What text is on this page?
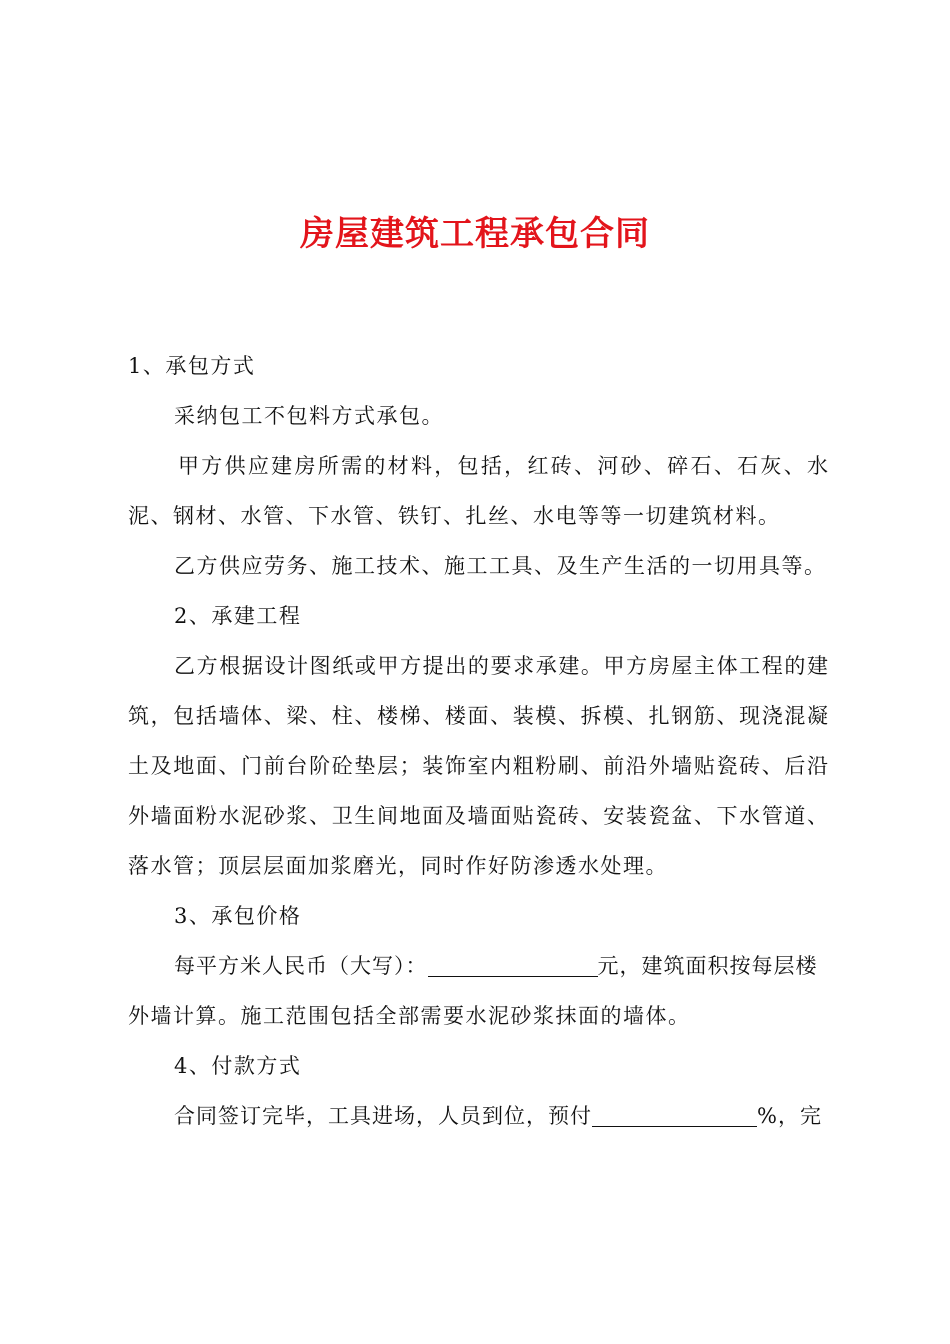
房屋建筑工程承包合同
1、承包方式
采纳包工不包料方式承包。
甲方供应建房所需的材料，包括，红砖、河砂、碎石、石灰、水
泥、钢材、水管、下水管、铁钉、扎丝、水电等等一切建筑材料。
乙方供应劳务、施工技术、施工工具、及生产生活的一切用具等。
2、承建工程
乙方根据设计图纸或甲方提出的要求承建。甲方房屋主体工程的建
筑，包括墙体、梁、柱、楼梯、楼面、装模、拆模、扎钢筋、现浇混凝
土及地面、门前台阶砼垫层；装饰室内粗粉刷、前沿外墙贴瓷砖、后沿
外墙面粉水泥砂浆、卫生间地面及墙面贴瓷砖、安装瓷盆、下水管道、
落水管；顶层层面加浆磨光，同时作好防渗透水处理。
3、承包价格
每平方米人民币（大写）：	元，建筑面积按每层楼
外墙计算。施工范围包括全部需要水泥砂浆抹面的墙体。
4、付款方式
合同签订完毕，工具进场，人员到位，预付	%，完
